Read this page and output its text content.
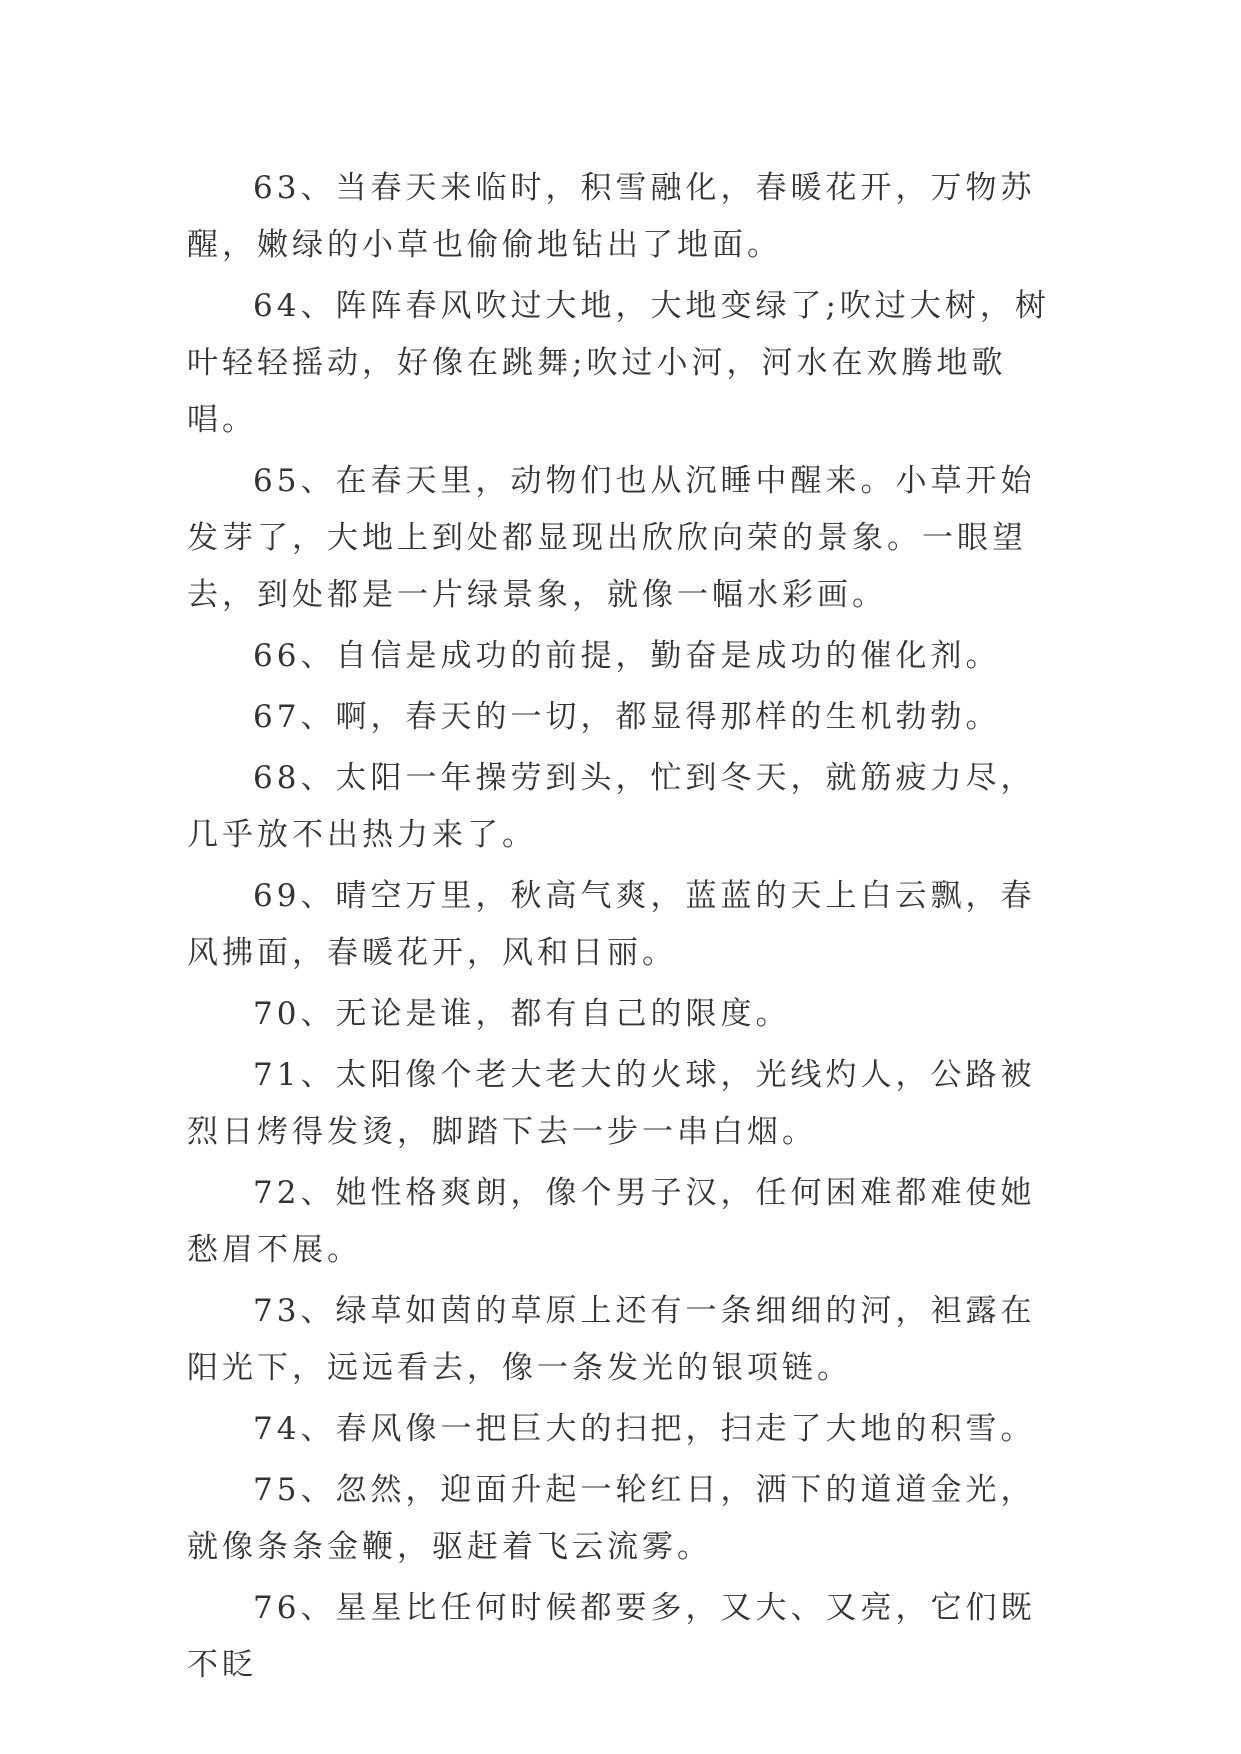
63、当春天来临时，积雪融化，春暖花开，万物苏醒，嫩绿的小草也偷偷地钻出了地面。

64、阵阵春风吹过大地，大地变绿了;吹过大树，树叶轻轻摇动，好像在跳舞;吹过小河，河水在欢腾地歌唱。

65、在春天里，动物们也从沉睡中醒来。小草开始发芽了，大地上到处都显现出欣欣向荣的景象。一眼望去，到处都是一片绿景象，就像一幅水彩画。

66、自信是成功的前提，勤奋是成功的催化剂。

67、啊，春天的一切，都显得那样的生机勃勃。

68、太阳一年操劳到头，忙到冬天，就筋疲力尽，几乎放不出热力来了。

69、晴空万里，秋高气爽，蓝蓝的天上白云飘，春风拂面，春暖花开，风和日丽。

70、无论是谁，都有自己的限度。

71、太阳像个老大老大的火球，光线灼人，公路被烈日烤得发烫，脚踏下去一步一串白烟。

72、她性格爽朗，像个男子汉，任何困难都难使她愁眉不展。

73、绿草如茵的草原上还有一条细细的河，袒露在阳光下，远远看去，像一条发光的银项链。

74、春风像一把巨大的扫把，扫走了大地的积雪。

75、忽然，迎面升起一轮红日，洒下的道道金光，就像条条金鞭，驱赶着飞云流雾。

76、星星比任何时候都要多，又大、又亮，它们既不眨
